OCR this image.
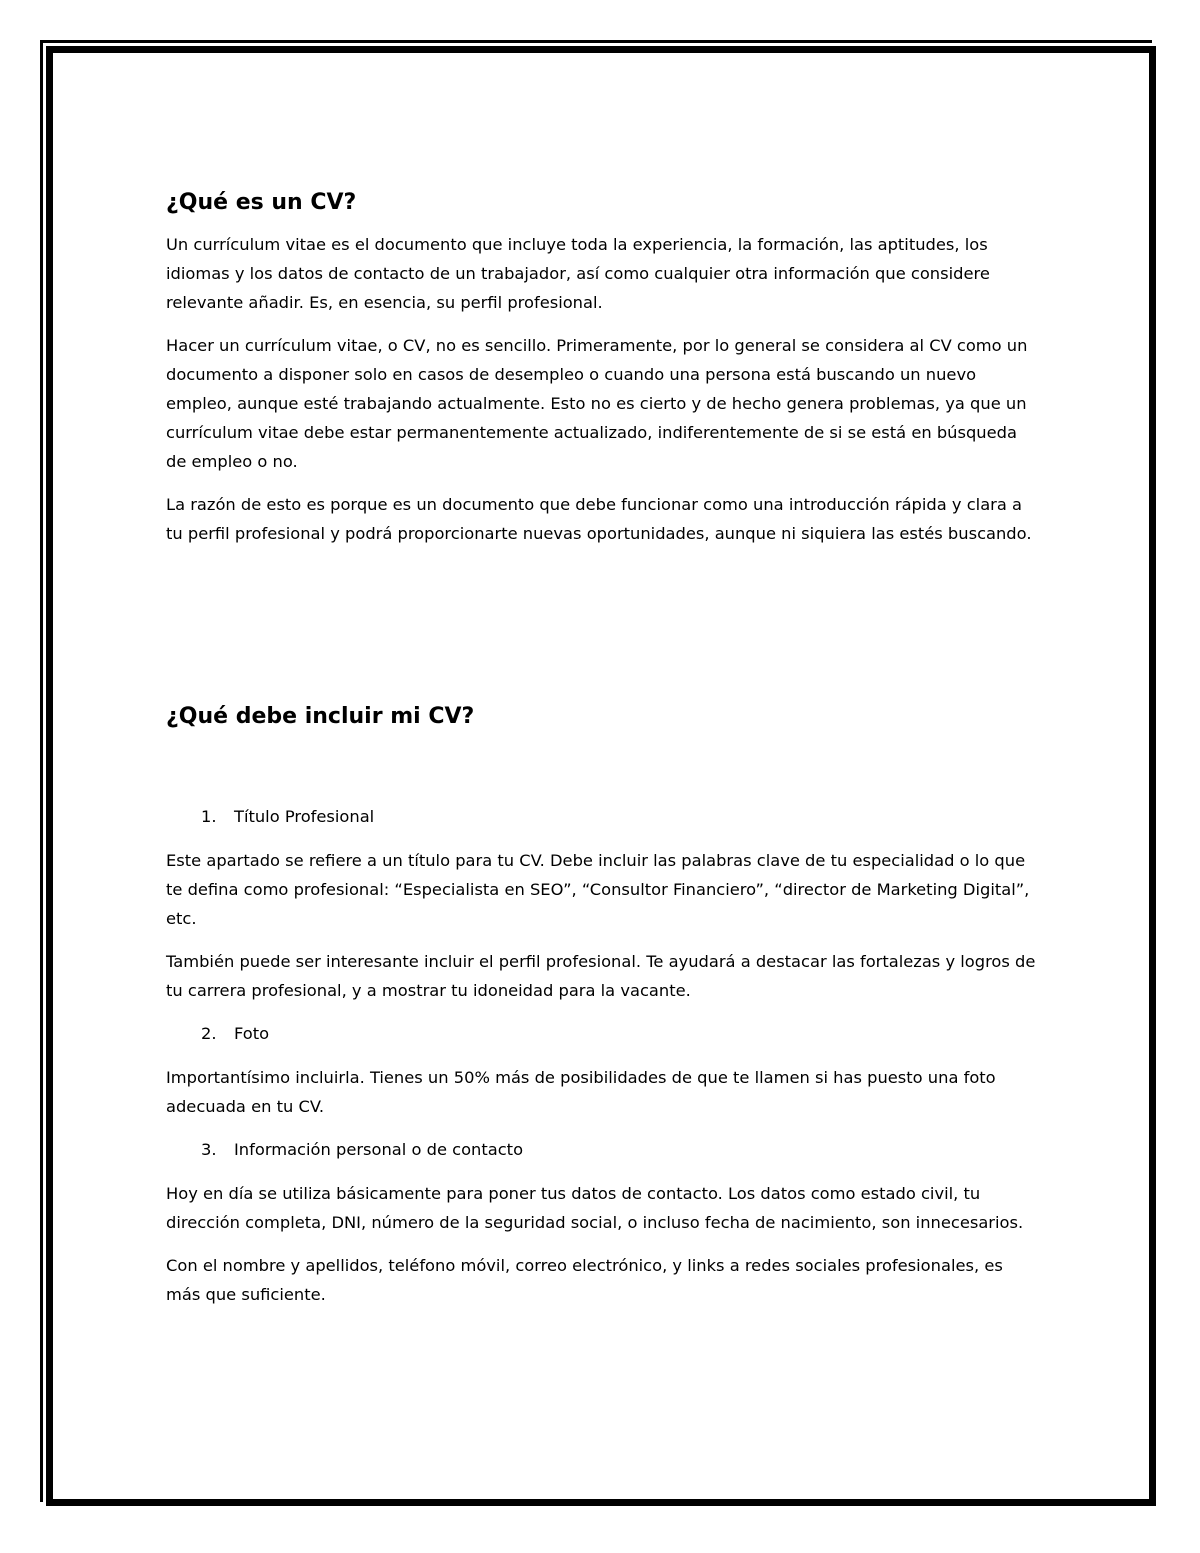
¿Qué es un CV?

Un currículum vitae es el documento que incluye toda la experiencia, la formación, las aptitudes, los idiomas y los datos de contacto de un trabajador, así como cualquier otra información que considere relevante añadir. Es, en esencia, su perfil profesional.

Hacer un currículum vitae, o CV, no es sencillo. Primeramente, por lo general se considera al CV como un documento a disponer solo en casos de desempleo o cuando una persona está buscando un nuevo empleo, aunque esté trabajando actualmente. Esto no es cierto y de hecho genera problemas, ya que un currículum vitae debe estar permanentemente actualizado, indiferentemente de si se está en búsqueda de empleo o no.

La razón de esto es porque es un documento que debe funcionar como una introducción rápida y clara a tu perfil profesional y podrá proporcionarte nuevas oportunidades, aunque ni siquiera las estés buscando.

¿Qué debe incluir mi CV?
1.	Título Profesional

Este apartado se refiere a un título para tu CV. Debe incluir las palabras clave de tu especialidad o lo que te defina como profesional: “Especialista en SEO”, “Consultor Financiero”, “director de Marketing Digital”, etc.

También puede ser interesante incluir el perfil profesional. Te ayudará a destacar las fortalezas y logros de tu carrera profesional, y a mostrar tu idoneidad para la vacante.

2.	Foto

Importantísimo incluirla. Tienes un 50% más de posibilidades de que te llamen si has puesto una foto adecuada en tu CV.

3.	Información personal o de contacto

Hoy en día se utiliza básicamente para poner tus datos de contacto. Los datos como estado civil, tu dirección completa, DNI, número de la seguridad social, o incluso fecha de nacimiento, son innecesarios.

Con el nombre y apellidos, teléfono móvil, correo electrónico, y links a redes sociales profesionales, es más que suficiente.
